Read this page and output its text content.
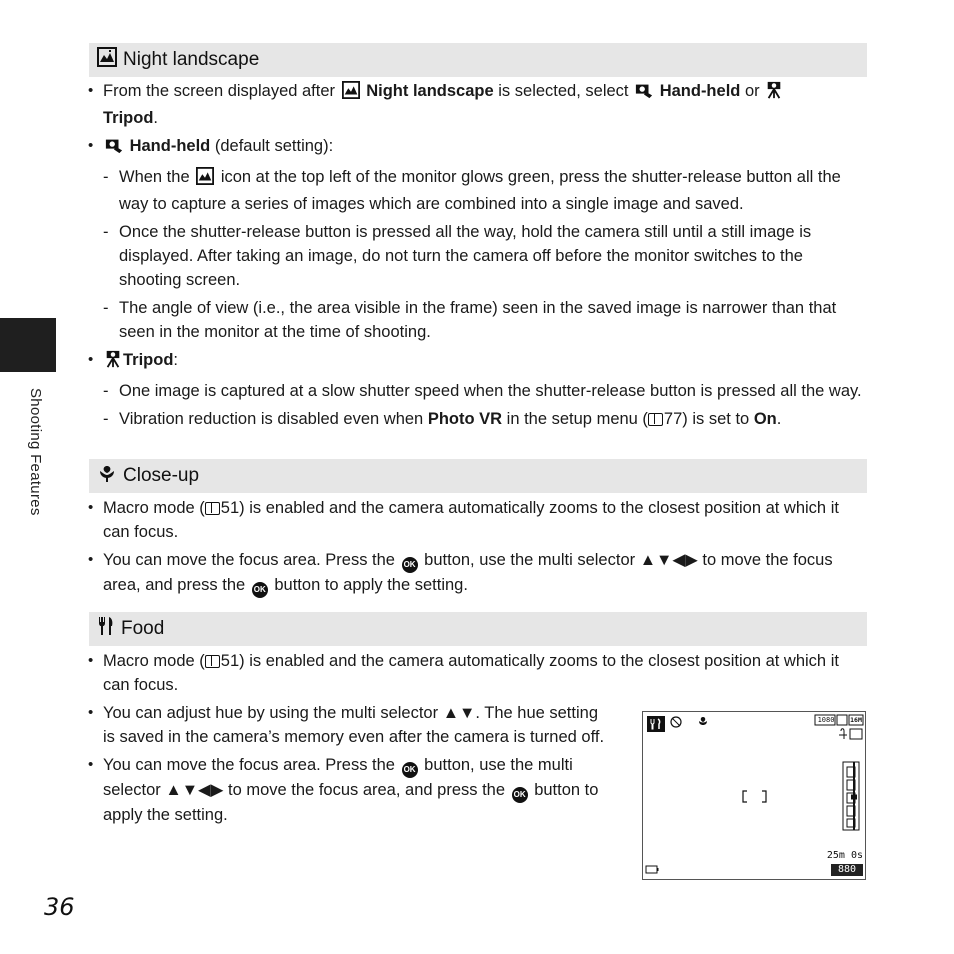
Shooting Features
Night landscape
• From the screen displayed after Night landscape is selected, select Hand-held or
Tripod.
• Hand-held (default setting):
- When the icon at the top left of the monitor glows green, press the shutter-release button all the way to capture a series of images which are combined into a single image and saved.
- Once the shutter-release button is pressed all the way, hold the camera still until a still image is displayed. After taking an image, do not turn the camera off before the monitor switches to the shooting screen.
- The angle of view (i.e., the area visible in the frame) seen in the saved image is narrower than that seen in the monitor at the time of shooting.
• Tripod:
- One image is captured at a slow shutter speed when the shutter-release button is pressed all the way.
- Vibration reduction is disabled even when Photo VR in the setup menu ( 77) is set to On.
Close-up
• Macro mode ( 51) is enabled and the camera automatically zooms to the closest position at which it can focus.
• You can move the focus area. Press the OK button, use the multi selector ▲▼◀▶ to move the focus area, and press the OK button to apply the setting.
Food
• Macro mode ( 51) is enabled and the camera automatically zooms to the closest position at which it can focus.
• You can adjust hue by using the multi selector ▲▼. The hue setting is saved in the camera’s memory even after the camera is turned off.
• You can move the focus area. Press the OK button, use the multi selector ▲▼◀▶ to move the focus area, and press the OK button to apply the setting.
1080 16M
25m 0s
880
36
